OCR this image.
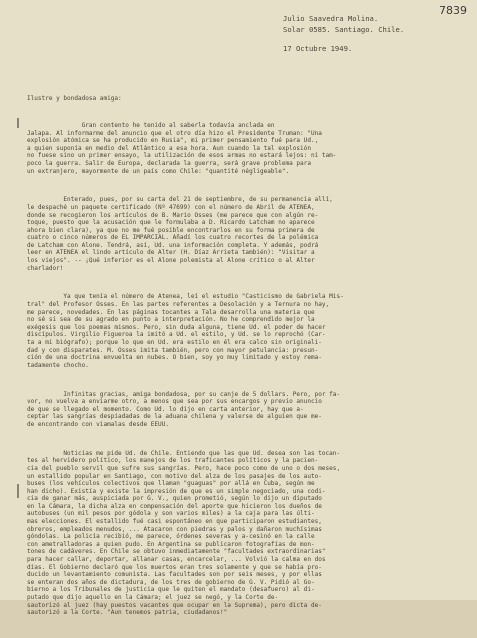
7839
Julio Saavedra Molina.
Solar 0585. Santiago. Chile.
17 Octubre 1949.

Ilustre y bondadosa amiga:

Gran contento he tenido al saberla todavía anclada en
Jalapa. Al informarme del anuncio que el otro día hizo el Presidente Truman: "Una
explosión atómica se ha producido en Rusia", mi primer pensamiento fué para Ud.,
a quien suponía en medio del Atlántico a esa hora. Aun cuando la tal explosión
no fuese sino un primer ensayo, la utilización de esos armas no estará lejos: ni tam-
poco la guerra. Salir de Europa, declarada la guerra, será grave problema para
un extranjero, mayormente de un país como Chile: "quantité négligeable".

Enterado, pues, por su carta del 21 de septiembre, de su permanencia allí,
le despaché un paquete certificado (Nº 47699) con el número de Abril de ATENEA,
donde se recogieron los artículos de B. Mario Osses (me parece que con algún re-
toque, puesto que la acusación que le formulaba a D. Ricardo Latcham no aparece
ahora bien clara), ya que no me fué posible encontrarlos en su forma primera de
cuatro o cinco números de EL IMPARCIAL. Añadí los cuatro recortes de la polémica
de Latcham con Alone. Tendrá, así, Ud. una información completa. Y además, podrá
leer en ATENEA el lindo artículo de Alter (H. Díaz Arrieta también): "Visitar a
los viejos". -- ¡Qué inferior es el Alone polemista al Alone crítico o al Alter
charlador!

Ya que tenía el número de Atenea, leí el estudio "Casticismo de Gabriela Mis-
tral" del Profesor Osses. En las partes referentes a Desolación y a Ternura no hay,
me parece, novedades. En las páginas tocantes a Tala desarrolla una materia que
no sé si sea de su agrado en punto a interpretación. No he comprendido mejor la
exégesis que los poemas mismos. Pero, sin duda alguna, tiene Ud. el poder de hacer
discípulos. Virgilio Figueroa la imitó a Ud. el estilo, y Ud. se lo reprochó (Car-
ta a mi biógrafo); porque lo que en Ud. era estilo en él era calco sin originali-
dad y con disparates. M. Osses imita también, pero con mayor petulancia: presun-
ción de una doctrina envuelta en nubes. O bien, soy yo muy limitado y estoy rema-
tadamente chocho.

Infinitas gracias, amiga bondadosa, por su canje de 5 dollars. Pero, por fa-
vor, no vuelva a enviarme otro, a menos que sea por sus encargos y previo anuncio
de que se llegado el momento. Como Ud. lo dijo en carta anterior, hay que a-
ceptar las sangrías despiadadas de la aduana chilena y valerse de alguien que me-
de encontrando con viamalas desde EEUU.

Noticias me pide Ud. de Chile. Entiendo que las que Ud. desea son las tocan-
tes al hervidero político, los manejos de los traficantes políticos y la pacien-
cia del pueblo servil que sufre sus sangrías. Pero, hace poco como de uno o dos meses,
un estallido popular en Santiago, con motivo del alza de los pasajes de los auto-
buses (los vehículos colectivos que llaman "guaguas" por allá en Cuba, según me
han dicho). Existía y existe la impresión de que es un simple negociado, una codi-
cia de ganar más, auspiciada por G. V., quien prometió, según lo dijo un diputado
en la Cámara, la dicha alza en compensación del aporte que hicieron los dueños de
autobuses (un mil pesos por gódola y son varios miles) a la caja para las últi-
mas elecciones. El estallido fué casi espontáneo en que participaron estudiantes,
obreros, empleados menudos, ... Atacaron con piedras y palos y dañaron muchísimas
góndolas. La policía recibió, me parece, órdenes severas y a-cesinó en la calle
con ametralladoras a quien pudo. En Argentina se publicaron fotografías de mon-
tones de cadáveres. En Chile se obtuvo inmediatamente "facultades extraordinarias"
para hacer callar, deportar, allanar casas, encarcelar, ... Volvió la calma en dos
días. El Gobierno declaró que los muertos eran tres solamente y que se había pro-
ducido un levantamiento comunista. Las facultades son por seis meses, y por ellas
se enteran dos años de dictadura, de los tres de gobierno de G. V. Pidió al Go-
bierno a los Tribunales de justicia que le quiten el mandato (desafuero) al di-
putado que dijo aquello en la Cámara; el juez se negó, y la Corte de-
sautorizó al juez (hay puestos vacantes que ocupar en la Suprema), pero dicta de-
sautorizó a la Corte. "Aun tenemos patria, ciudadanos!"
